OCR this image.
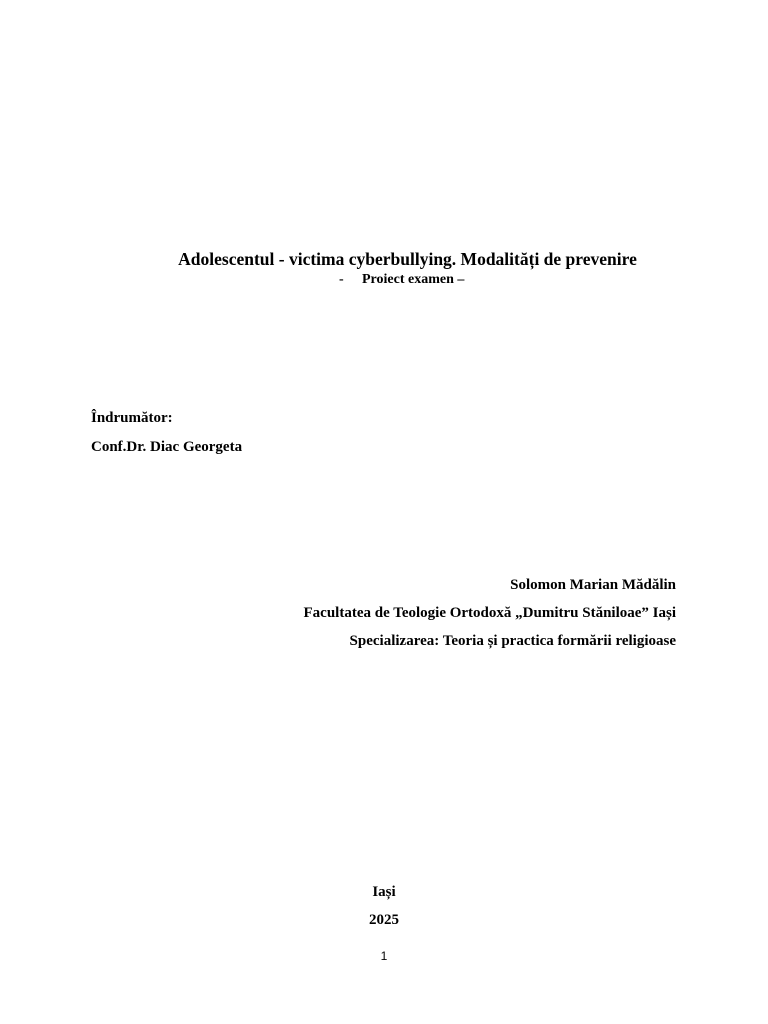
Adolescentul - victima cyberbullying. Modalități de prevenire
- Proiect examen –
Îndrumător:
Conf.Dr. Diac Georgeta
Solomon Marian Mădălin
Facultatea de Teologie Ortodoxă „Dumitru Stăniloae” Iași
Specializarea: Teoria și practica formării religioase
Iași
2025
1
